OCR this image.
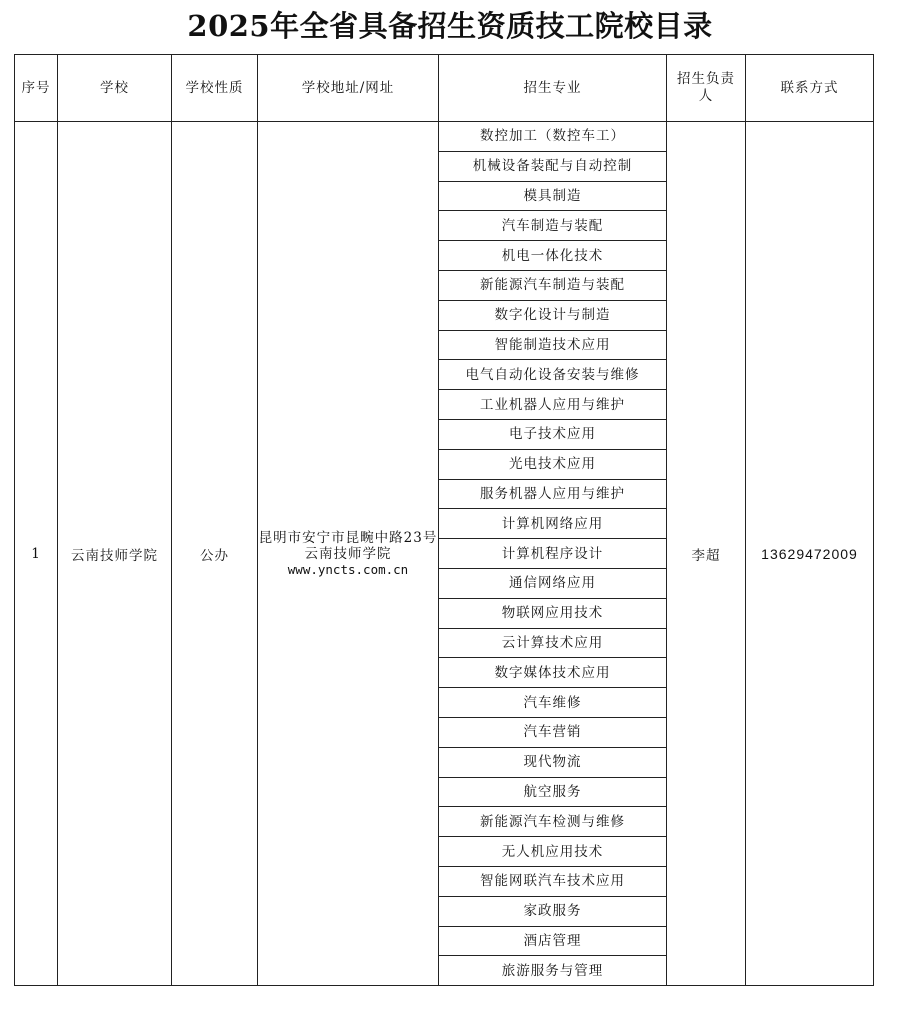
2025年全省具备招生资质技工院校目录
序号	学校	学校性质	学校地址/网址	招生专业	招生负责人	联系方式
1	云南技师学院	公办	昆明市安宁市昆畹中路23号云南技师学院
www.yncts.com.cn	数控加工（数控车工）	李超	13629472009
				机械设备装配与自动控制		
				模具制造		
				汽车制造与装配		
				机电一体化技术		
				新能源汽车制造与装配		
				数字化设计与制造		
				智能制造技术应用		
				电气自动化设备安装与维修		
				工业机器人应用与维护		
				电子技术应用		
				光电技术应用		
				服务机器人应用与维护		
				计算机网络应用		
				计算机程序设计		
				通信网络应用		
				物联网应用技术		
				云计算技术应用		
				数字媒体技术应用		
				汽车维修		
				汽车营销		
				现代物流		
				航空服务		
				新能源汽车检测与维修		
				无人机应用技术		
				智能网联汽车技术应用		
				家政服务		
				酒店管理		
				旅游服务与管理		
